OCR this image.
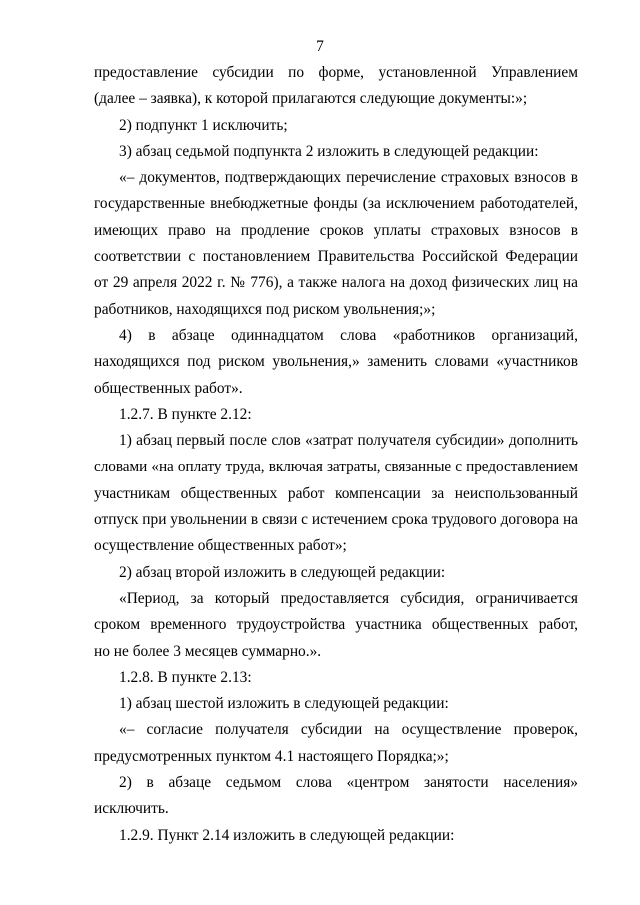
7
предоставление субсидии по форме, установленной Управлением
(далее – заявка), к которой прилагаются следующие документы:»;
2) подпункт 1 исключить;
3) абзац седьмой подпункта 2 изложить в следующей редакции:
«– документов, подтверждающих перечисление страховых взносов в
государственные внебюджетные фонды (за исключением работодателей,
имеющих право на продление сроков уплаты страховых взносов в
соответствии с постановлением Правительства Российской Федерации
от 29 апреля 2022 г. № 776), а также налога на доход физических лиц на
работников, находящихся под риском увольнения;»;
4) в абзаце одиннадцатом слова «работников организаций,
находящихся под риском увольнения,» заменить словами «участников
общественных работ».
1.2.7. В пункте 2.12:
1) абзац первый после слов «затрат получателя субсидии» дополнить
словами «на оплату труда, включая затраты, связанные с предоставлением
участникам общественных работ компенсации за неиспользованный
отпуск при увольнении в связи с истечением срока трудового договора на
осуществление общественных работ»;
2) абзац второй изложить в следующей редакции:
«Период, за который предоставляется субсидия, ограничивается
сроком временного трудоустройства участника общественных работ,
но не более 3 месяцев суммарно.».
1.2.8. В пункте 2.13:
1) абзац шестой изложить в следующей редакции:
«– согласие получателя субсидии на осуществление проверок,
предусмотренных пунктом 4.1 настоящего Порядка;»;
2) в абзаце седьмом слова «центром занятости населения»
исключить.
1.2.9. Пункт 2.14 изложить в следующей редакции:
